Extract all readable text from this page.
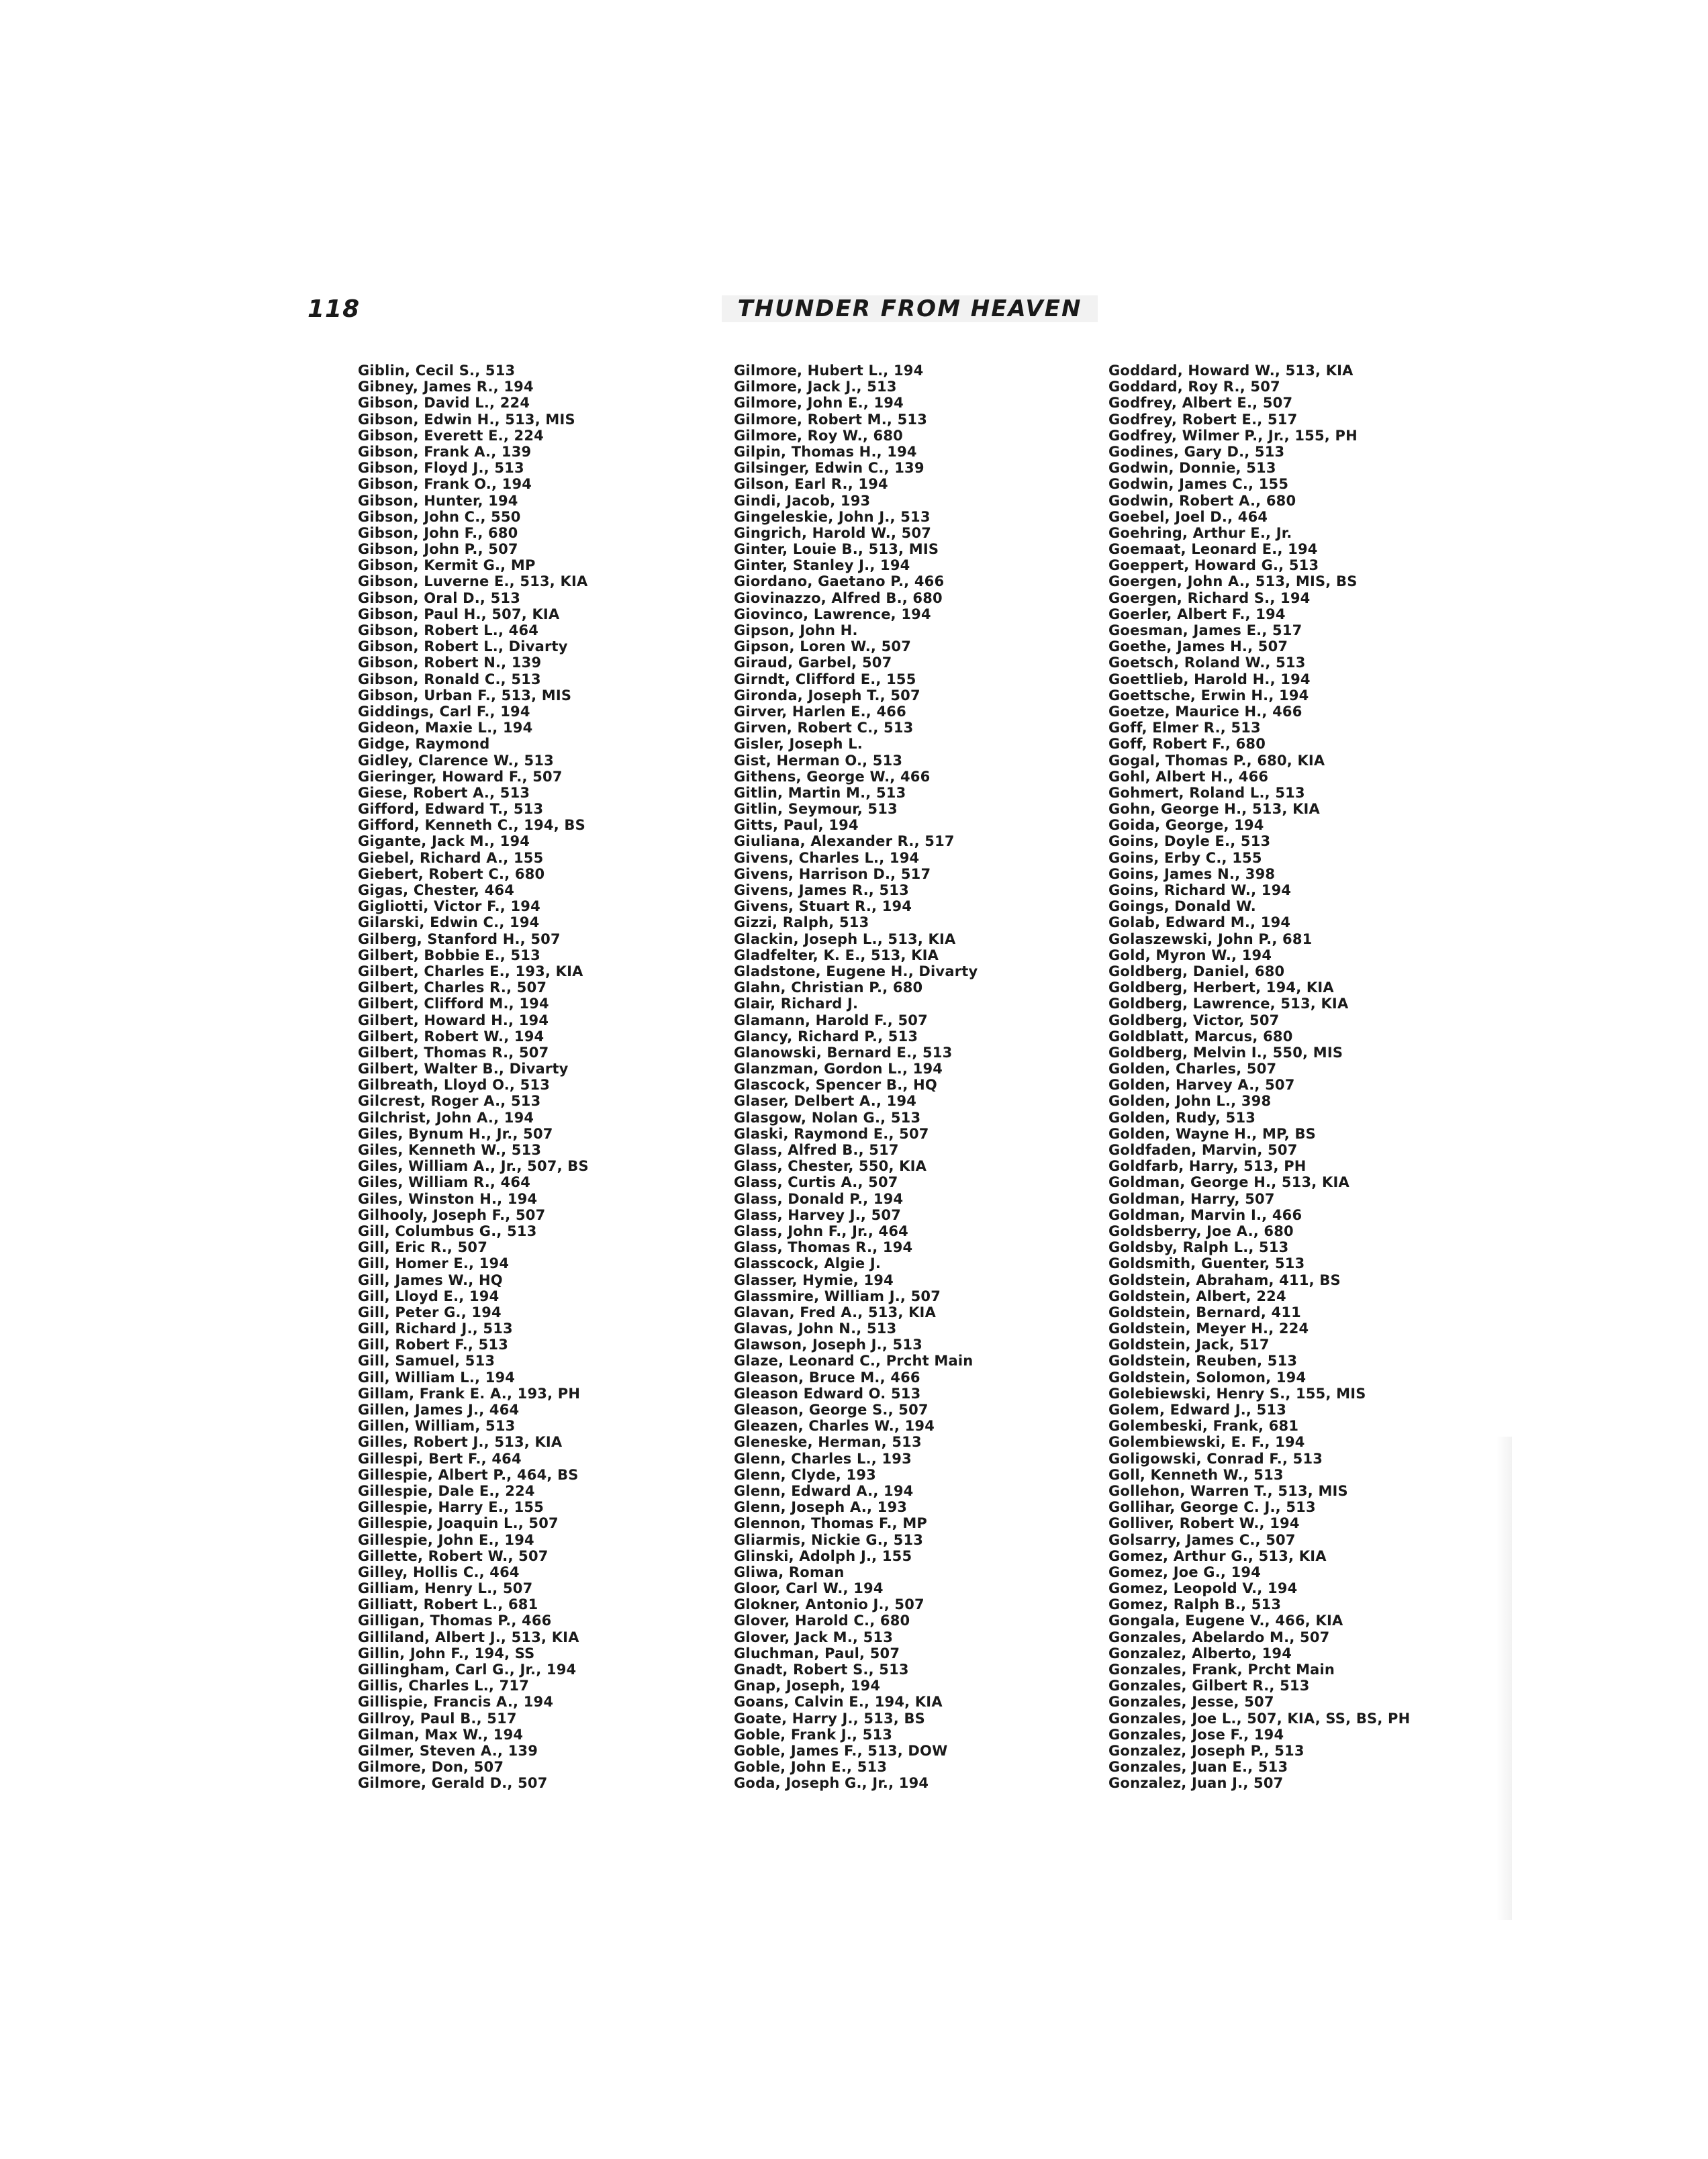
118	THUNDER FROM HEAVEN
Giblin, Cecil S., 513
Gibney, James R., 194
Gibson, David L., 224
Gibson, Edwin H., 513, MIS
Gibson, Everett E., 224
Gibson, Frank A., 139
Gibson, Floyd J., 513
Gibson, Frank O., 194
Gibson, Hunter, 194
Gibson, John C., 550
Gibson, John F., 680
Gibson, John P., 507
Gibson, Kermit G., MP
Gibson, Luverne E., 513, KIA
Gibson, Oral D., 513
Gibson, Paul H., 507, KIA
Gibson, Robert L., 464
Gibson, Robert L., Divarty
Gibson, Robert N., 139
Gibson, Ronald C., 513
Gibson, Urban F., 513, MIS
Giddings, Carl F., 194
Gideon, Maxie L., 194
Gidge, Raymond
Gidley, Clarence W., 513
Gieringer, Howard F., 507
Giese, Robert A., 513
Gifford, Edward T., 513
Gifford, Kenneth C., 194, BS
Gigante, Jack M., 194
Giebel, Richard A., 155
Giebert, Robert C., 680
Gigas, Chester, 464
Gigliotti, Victor F., 194
Gilarski, Edwin C., 194
Gilberg, Stanford H., 507
Gilbert, Bobbie E., 513
Gilbert, Charles E., 193, KIA
Gilbert, Charles R., 507
Gilbert, Clifford M., 194
Gilbert, Howard H., 194
Gilbert, Robert W., 194
Gilbert, Thomas R., 507
Gilbert, Walter B., Divarty
Gilbreath, Lloyd O., 513
Gilcrest, Roger A., 513
Gilchrist, John A., 194
Giles, Bynum H., Jr., 507
Giles, Kenneth W., 513
Giles, William A., Jr., 507, BS
Giles, William R., 464
Giles, Winston H., 194
Gilhooly, Joseph F., 507
Gill, Columbus G., 513
Gill, Eric R., 507
Gill, Homer E., 194
Gill, James W., HQ
Gill, Lloyd E., 194
Gill, Peter G., 194
Gill, Richard J., 513
Gill, Robert F., 513
Gill, Samuel, 513
Gill, William L., 194
Gillam, Frank E. A., 193, PH
Gillen, James J., 464
Gillen, William, 513
Gilles, Robert J., 513, KIA
Gillespi, Bert F., 464
Gillespie, Albert P., 464, BS
Gillespie, Dale E., 224
Gillespie, Harry E., 155
Gillespie, Joaquin L., 507
Gillespie, John E., 194
Gillette, Robert W., 507
Gilley, Hollis C., 464
Gilliam, Henry L., 507
Gilliatt, Robert L., 681
Gilligan, Thomas P., 466
Gilliland, Albert J., 513, KIA
Gillin, John F., 194, SS
Gillingham, Carl G., Jr., 194
Gillis, Charles L., 717
Gillispie, Francis A., 194
Gillroy, Paul B., 517
Gilman, Max W., 194
Gilmer, Steven A., 139
Gilmore, Don, 507
Gilmore, Gerald D., 507
Gilmore, Hubert L., 194
Gilmore, Jack J., 513
Gilmore, John E., 194
Gilmore, Robert M., 513
Gilmore, Roy W., 680
Gilpin, Thomas H., 194
Gilsinger, Edwin C., 139
Gilson, Earl R., 194
Gindi, Jacob, 193
Gingeleskie, John J., 513
Gingrich, Harold W., 507
Ginter, Louie B., 513, MIS
Ginter, Stanley J., 194
Giordano, Gaetano P., 466
Giovinazzo, Alfred B., 680
Giovinco, Lawrence, 194
Gipson, John H.
Gipson, Loren W., 507
Giraud, Garbel, 507
Girndt, Clifford E., 155
Gironda, Joseph T., 507
Girver, Harlen E., 466
Girven, Robert C., 513
Gisler, Joseph L.
Gist, Herman O., 513
Githens, George W., 466
Gitlin, Martin M., 513
Gitlin, Seymour, 513
Gitts, Paul, 194
Giuliana, Alexander R., 517
Givens, Charles L., 194
Givens, Harrison D., 517
Givens, James R., 513
Givens, Stuart R., 194
Gizzi, Ralph, 513
Glackin, Joseph L., 513, KIA
Gladfelter, K. E., 513, KIA
Gladstone, Eugene H., Divarty
Glahn, Christian P., 680
Glair, Richard J.
Glamann, Harold F., 507
Glancy, Richard P., 513
Glanowski, Bernard E., 513
Glanzman, Gordon L., 194
Glascock, Spencer B., HQ
Glaser, Delbert A., 194
Glasgow, Nolan G., 513
Glaski, Raymond E., 507
Glass, Alfred B., 517
Glass, Chester, 550, KIA
Glass, Curtis A., 507
Glass, Donald P., 194
Glass, Harvey J., 507
Glass, John F., Jr., 464
Glass, Thomas R., 194
Glasscock, Algie J.
Glasser, Hymie, 194
Glassmire, William J., 507
Glavan, Fred A., 513, KIA
Glavas, John N., 513
Glawson, Joseph J., 513
Glaze, Leonard C., Prcht Main
Gleason, Bruce M., 466
Gleason Edward O. 513
Gleason, George S., 507
Gleazen, Charles W., 194
Gleneske, Herman, 513
Glenn, Charles L., 193
Glenn, Clyde, 193
Glenn, Edward A., 194
Glenn, Joseph A., 193
Glennon, Thomas F., MP
Gliarmis, Nickie G., 513
Glinski, Adolph J., 155
Gliwa, Roman
Gloor, Carl W., 194
Glokner, Antonio J., 507
Glover, Harold C., 680
Glover, Jack M., 513
Gluchman, Paul, 507
Gnadt, Robert S., 513
Gnap, Joseph, 194
Goans, Calvin E., 194, KIA
Goate, Harry J., 513, BS
Goble, Frank J., 513
Goble, James F., 513, DOW
Goble, John E., 513
Goda, Joseph G., Jr., 194
Goddard, Howard W., 513, KIA
Goddard, Roy R., 507
Godfrey, Albert E., 507
Godfrey, Robert E., 517
Godfrey, Wilmer P., Jr., 155, PH
Godines, Gary D., 513
Godwin, Donnie, 513
Godwin, James C., 155
Godwin, Robert A., 680
Goebel, Joel D., 464
Goehring, Arthur E., Jr.
Goemaat, Leonard E., 194
Goeppert, Howard G., 513
Goergen, John A., 513, MIS, BS
Goergen, Richard S., 194
Goerler, Albert F., 194
Goesman, James E., 517
Goethe, James H., 507
Goetsch, Roland W., 513
Goettlieb, Harold H., 194
Goettsche, Erwin H., 194
Goetze, Maurice H., 466
Goff, Elmer R., 513
Goff, Robert F., 680
Gogal, Thomas P., 680, KIA
Gohl, Albert H., 466
Gohmert, Roland L., 513
Gohn, George H., 513, KIA
Goida, George, 194
Goins, Doyle E., 513
Goins, Erby C., 155
Goins, James N., 398
Goins, Richard W., 194
Goings, Donald W.
Golab, Edward M., 194
Golaszewski, John P., 681
Gold, Myron W., 194
Goldberg, Daniel, 680
Goldberg, Herbert, 194, KIA
Goldberg, Lawrence, 513, KIA
Goldberg, Victor, 507
Goldblatt, Marcus, 680
Goldberg, Melvin I., 550, MIS
Golden, Charles, 507
Golden, Harvey A., 507
Golden, John L., 398
Golden, Rudy, 513
Golden, Wayne H., MP, BS
Goldfaden, Marvin, 507
Goldfarb, Harry, 513, PH
Goldman, George H., 513, KIA
Goldman, Harry, 507
Goldman, Marvin I., 466
Goldsberry, Joe A., 680
Goldsby, Ralph L., 513
Goldsmith, Guenter, 513
Goldstein, Abraham, 411, BS
Goldstein, Albert, 224
Goldstein, Bernard, 411
Goldstein, Meyer H., 224
Goldstein, Jack, 517
Goldstein, Reuben, 513
Goldstein, Solomon, 194
Golebiewski, Henry S., 155, MIS
Golem, Edward J., 513
Golembeski, Frank, 681
Golembiewski, E. F., 194
Goligowski, Conrad F., 513
Goll, Kenneth W., 513
Gollehon, Warren T., 513, MIS
Gollihar, George C. J., 513
Golliver, Robert W., 194
Golsarry, James C., 507
Gomez, Arthur G., 513, KIA
Gomez, Joe G., 194
Gomez, Leopold V., 194
Gomez, Ralph B., 513
Gongala, Eugene V., 466, KIA
Gonzales, Abelardo M., 507
Gonzalez, Alberto, 194
Gonzales, Frank, Prcht Main
Gonzales, Gilbert R., 513
Gonzales, Jesse, 507
Gonzales, Joe L., 507, KIA, SS, BS, PH
Gonzales, Jose F., 194
Gonzalez, Joseph P., 513
Gonzales, Juan E., 513
Gonzalez, Juan J., 507
